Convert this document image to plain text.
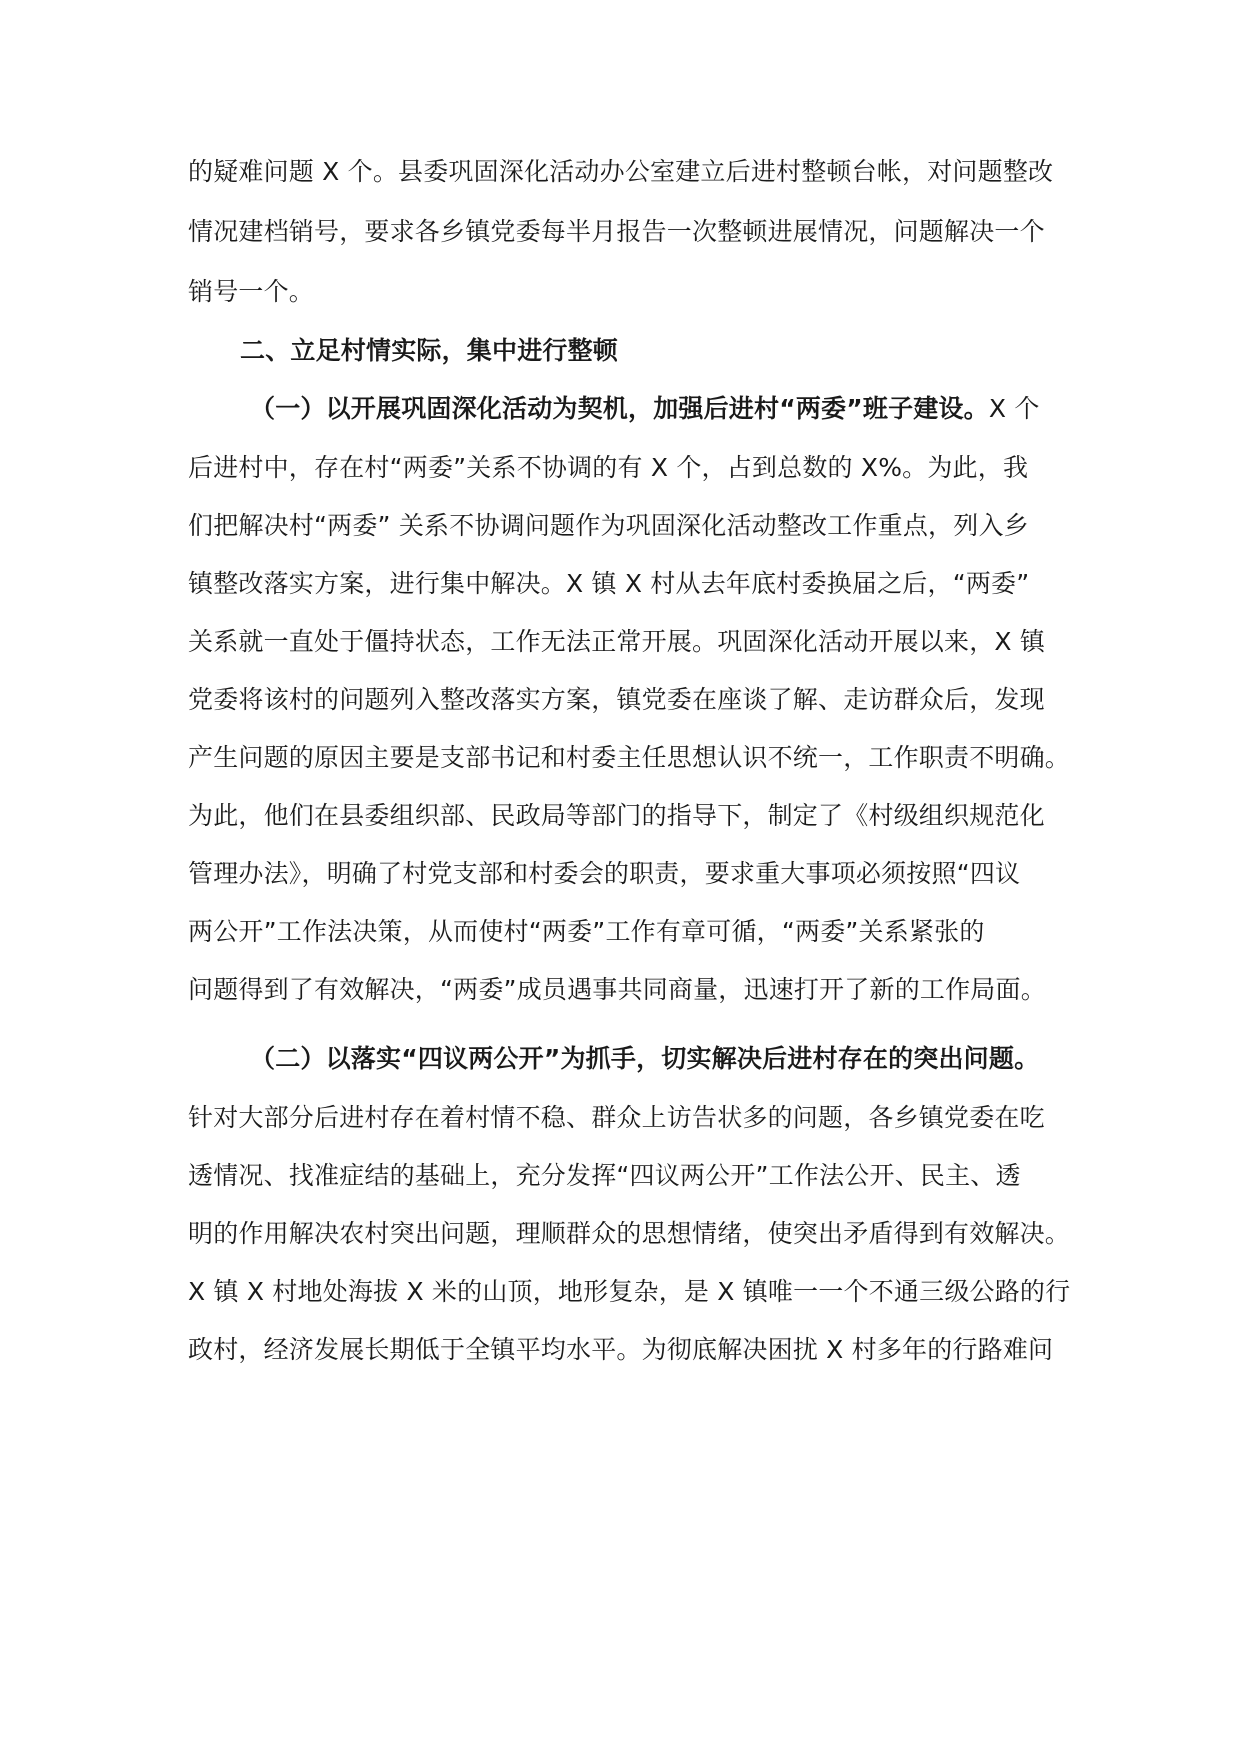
的疑难问题 X 个。县委巩固深化活动办公室建立后进村整顿台帐，对问题整改
情况建档销号，要求各乡镇党委每半月报告一次整顿进展情况，问题解决一个
销号一个。
二、立足村情实际，集中进行整顿
（一）以开展巩固深化活动为契机，加强后进村“两委”班子建设。X 个
后进村中，存在村“两委”关系不协调的有 X 个，占到总数的 X%。为此，我
们把解决村“两委” 关系不协调问题作为巩固深化活动整改工作重点，列入乡
镇整改落实方案，进行集中解决。X 镇 X 村从去年底村委换届之后，“两委”
关系就一直处于僵持状态，工作无法正常开展。巩固深化活动开展以来，X 镇
党委将该村的问题列入整改落实方案，镇党委在座谈了解、走访群众后，发现
产生问题的原因主要是支部书记和村委主任思想认识不统一，工作职责不明确。
为此，他们在县委组织部、民政局等部门的指导下，制定了《村级组织规范化
管理办法》，明确了村党支部和村委会的职责，要求重大事项必须按照“四议
两公开”工作法决策，从而使村“两委”工作有章可循，“两委”关系紧张的
问题得到了有效解决，“两委”成员遇事共同商量，迅速打开了新的工作局面。
（二）以落实“四议两公开”为抓手，切实解决后进村存在的突出问题。
针对大部分后进村存在着村情不稳、群众上访告状多的问题，各乡镇党委在吃
透情况、找准症结的基础上，充分发挥“四议两公开”工作法公开、民主、透
明的作用解决农村突出问题，理顺群众的思想情绪，使突出矛盾得到有效解决。
X 镇 X 村地处海拔 X 米的山顶，地形复杂，是 X 镇唯一一个不通三级公路的行
政村，经济发展长期低于全镇平均水平。为彻底解决困扰 X 村多年的行路难问
